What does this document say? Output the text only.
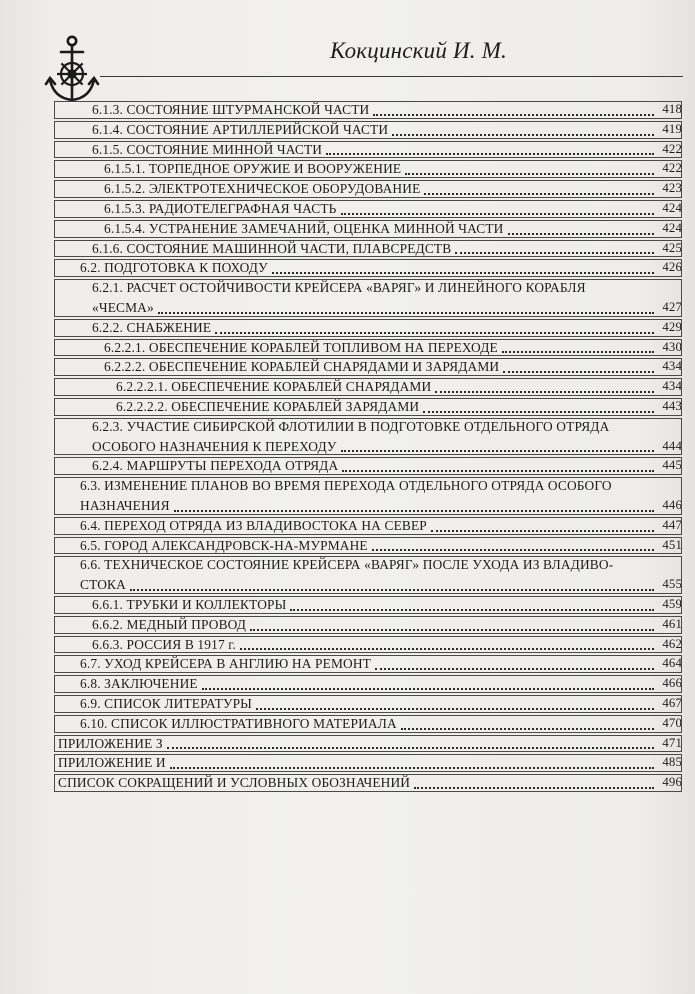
Кокцинский И. М.
6.1.3. СОСТОЯНИЕ ШТУРМАНСКОЙ ЧАСТИ	418
6.1.4. СОСТОЯНИЕ АРТИЛЛЕРИЙСКОЙ ЧАСТИ	419
6.1.5. СОСТОЯНИЕ МИННОЙ ЧАСТИ	422
6.1.5.1. ТОРПЕДНОЕ ОРУЖИЕ И ВООРУЖЕНИЕ	422
6.1.5.2. ЭЛЕКТРОТЕХНИЧЕСКОЕ ОБОРУДОВАНИЕ	423
6.1.5.3. РАДИОТЕЛЕГРАФНАЯ ЧАСТЬ	424
6.1.5.4. УСТРАНЕНИЕ ЗАМЕЧАНИЙ, ОЦЕНКА МИННОЙ ЧАСТИ	424
6.1.6. СОСТОЯНИЕ МАШИННОЙ ЧАСТИ, ПЛАВСРЕДСТВ	425
6.2. ПОДГОТОВКА К ПОХОДУ	426
6.2.1. РАСЧЕТ ОСТОЙЧИВОСТИ КРЕЙСЕРА «ВАРЯГ» И ЛИНЕЙНОГО КОРАБЛЯ
«ЧЕСМА»	427
6.2.2. СНАБЖЕНИЕ	429
6.2.2.1. ОБЕСПЕЧЕНИЕ КОРАБЛЕЙ ТОПЛИВОМ НА ПЕРЕХОДЕ	430
6.2.2.2. ОБЕСПЕЧЕНИЕ КОРАБЛЕЙ СНАРЯДАМИ И ЗАРЯДАМИ	434
6.2.2.2.1. ОБЕСПЕЧЕНИЕ КОРАБЛЕЙ СНАРЯДАМИ	434
6.2.2.2.2. ОБЕСПЕЧЕНИЕ КОРАБЛЕЙ ЗАРЯДАМИ	443
6.2.3. УЧАСТИЕ СИБИРСКОЙ ФЛОТИЛИИ В ПОДГОТОВКЕ ОТДЕЛЬНОГО ОТРЯДА
ОСОБОГО НАЗНАЧЕНИЯ К ПЕРЕХОДУ	444
6.2.4. МАРШРУТЫ ПЕРЕХОДА ОТРЯДА	445
6.3. ИЗМЕНЕНИЕ ПЛАНОВ ВО ВРЕМЯ ПЕРЕХОДА ОТДЕЛЬНОГО ОТРЯДА ОСОБОГО
НАЗНАЧЕНИЯ	446
6.4. ПЕРЕХОД ОТРЯДА ИЗ ВЛАДИВОСТОКА НА СЕВЕР	447
6.5. ГОРОД АЛЕКСАНДРОВСК-НА-МУРМАНЕ	451
6.6. ТЕХНИЧЕСКОЕ СОСТОЯНИЕ КРЕЙСЕРА «ВАРЯГ» ПОСЛЕ УХОДА ИЗ ВЛАДИВО-
СТОКА	455
6.6.1. ТРУБКИ И КОЛЛЕКТОРЫ	459
6.6.2. МЕДНЫЙ ПРОВОД	461
6.6.3. РОССИЯ В 1917 г.	462
6.7. УХОД КРЕЙСЕРА В АНГЛИЮ НА РЕМОНТ	464
6.8. ЗАКЛЮЧЕНИЕ	466
6.9. СПИСОК ЛИТЕРАТУРЫ	467
6.10. СПИСОК ИЛЛЮСТРАТИВНОГО МАТЕРИАЛА	470
ПРИЛОЖЕНИЕ З	471
ПРИЛОЖЕНИЕ И	485
СПИСОК СОКРАЩЕНИЙ И УСЛОВНЫХ ОБОЗНАЧЕНИЙ	496
